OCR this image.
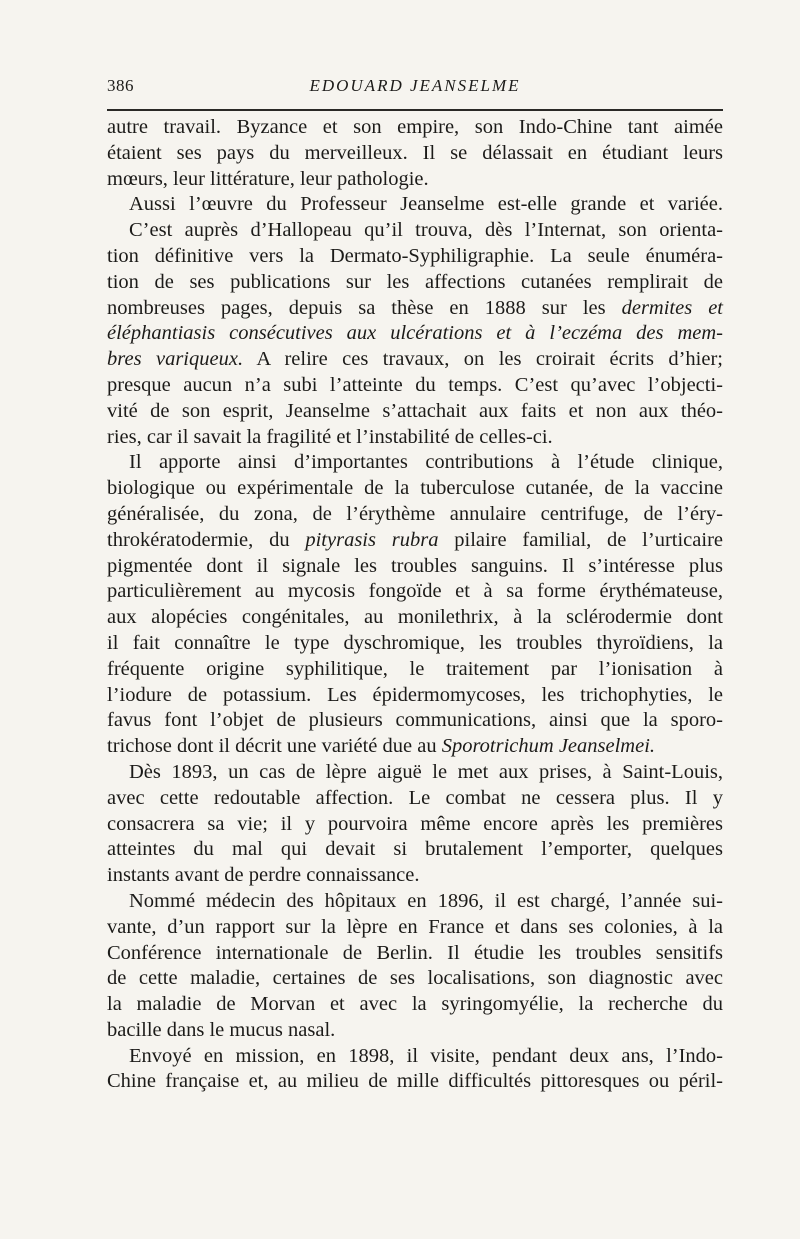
386	EDOUARD JEANSELME
autre travail. Byzance et son empire, son Indo-Chine tant aimée
étaient ses pays du merveilleux. Il se délassait en étudiant leurs
mœurs, leur littérature, leur pathologie.
Aussi l’œuvre du Professeur Jeanselme est-elle grande et variée.
C’est auprès d’Hallopeau qu’il trouva, dès l’Internat, son orienta-
tion définitive vers la Dermato-Syphiligraphie. La seule énuméra-
tion de ses publications sur les affections cutanées remplirait de
nombreuses pages, depuis sa thèse en 1888 sur les dermites et
éléphantiasis consécutives aux ulcérations et à l’eczéma des mem-
bres variqueux. A relire ces travaux, on les croirait écrits d’hier;
presque aucun n’a subi l’atteinte du temps. C’est qu’avec l’objecti-
vité de son esprit, Jeanselme s’attachait aux faits et non aux théo-
ries, car il savait la fragilité et l’instabilité de celles-ci.
Il apporte ainsi d’importantes contributions à l’étude clinique,
biologique ou expérimentale de la tuberculose cutanée, de la vaccine
généralisée, du zona, de l’érythème annulaire centrifuge, de l’éry-
throkératodermie, du pityrasis rubra pilaire familial, de l’urticaire
pigmentée dont il signale les troubles sanguins. Il s’intéresse plus
particulièrement au mycosis fongoïde et à sa forme érythémateuse,
aux alopécies congénitales, au monilethrix, à la sclérodermie dont
il fait connaître le type dyschromique, les troubles thyroïdiens, la
fréquente origine syphilitique, le traitement par l’ionisation à
l’iodure de potassium. Les épidermomycoses, les trichophyties, le
favus font l’objet de plusieurs communications, ainsi que la sporo-
trichose dont il décrit une variété due au Sporotrichum Jeanselmei.
Dès 1893, un cas de lèpre aiguë le met aux prises, à Saint-Louis,
avec cette redoutable affection. Le combat ne cessera plus. Il y
consacrera sa vie; il y pourvoira même encore après les premières
atteintes du mal qui devait si brutalement l’emporter, quelques
instants avant de perdre connaissance.
Nommé médecin des hôpitaux en 1896, il est chargé, l’année sui-
vante, d’un rapport sur la lèpre en France et dans ses colonies, à la
Conférence internationale de Berlin. Il étudie les troubles sensitifs
de cette maladie, certaines de ses localisations, son diagnostic avec
la maladie de Morvan et avec la syringomyélie, la recherche du
bacille dans le mucus nasal.
Envoyé en mission, en 1898, il visite, pendant deux ans, l’Indo-
Chine française et, au milieu de mille difficultés pittoresques ou péril-
